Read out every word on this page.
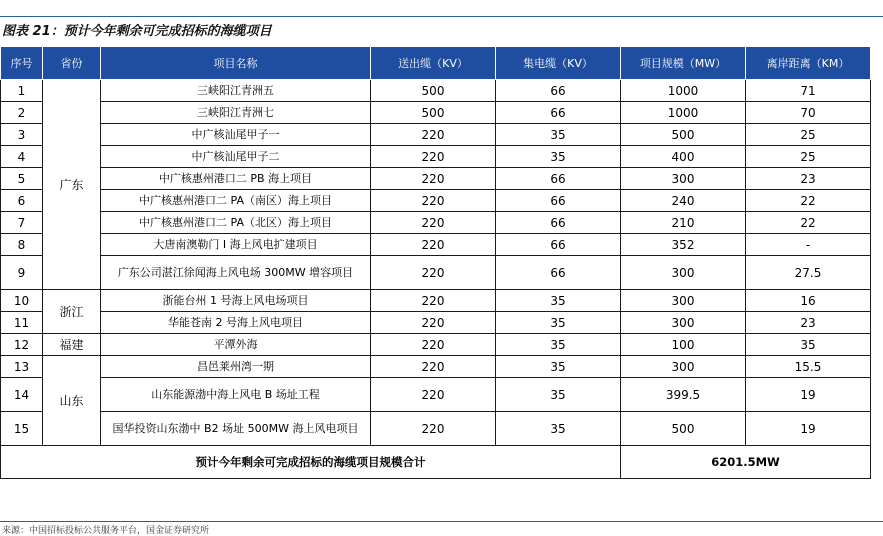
图表 21：预计今年剩余可完成招标的海缆项目
序号	省份	项目名称	送出缆（KV）	集电缆（KV）	项目规模（MW）	离岸距离（KM）
1	广东	三峡阳江青洲五	500	66	1000	71
2		三峡阳江青洲七	500	66	1000	70
3		中广核汕尾甲子一	220	35	500	25
4		中广核汕尾甲子二	220	35	400	25
5		中广核惠州港口二 PB 海上项目	220	66	300	23
6		中广核惠州港口二 PA（南区）海上项目	220	66	240	22
7		中广核惠州港口二 PA（北区）海上项目	220	66	210	22
8		大唐南澳勒门 I 海上风电扩建项目	220	66	352	-
9		广东公司湛江徐闻海上风电场 300MW 增容项目	220	66	300	27.5
10	浙江	浙能台州 1 号海上风电场项目	220	35	300	16
11		华能苍南 2 号海上风电项目	220	35	300	23
12	福建	平潭外海	220	35	100	35
13	山东	昌邑莱州湾一期	220	35	300	15.5
14		山东能源渤中海上风电 B 场址工程	220	35	399.5	19
15		国华投资山东渤中 B2 场址 500MW 海上风电项目	220	35	500	19
预计今年剩余可完成招标的海缆项目规模合计					6201.5MW	
来源：中国招标投标公共服务平台，国金证券研究所
